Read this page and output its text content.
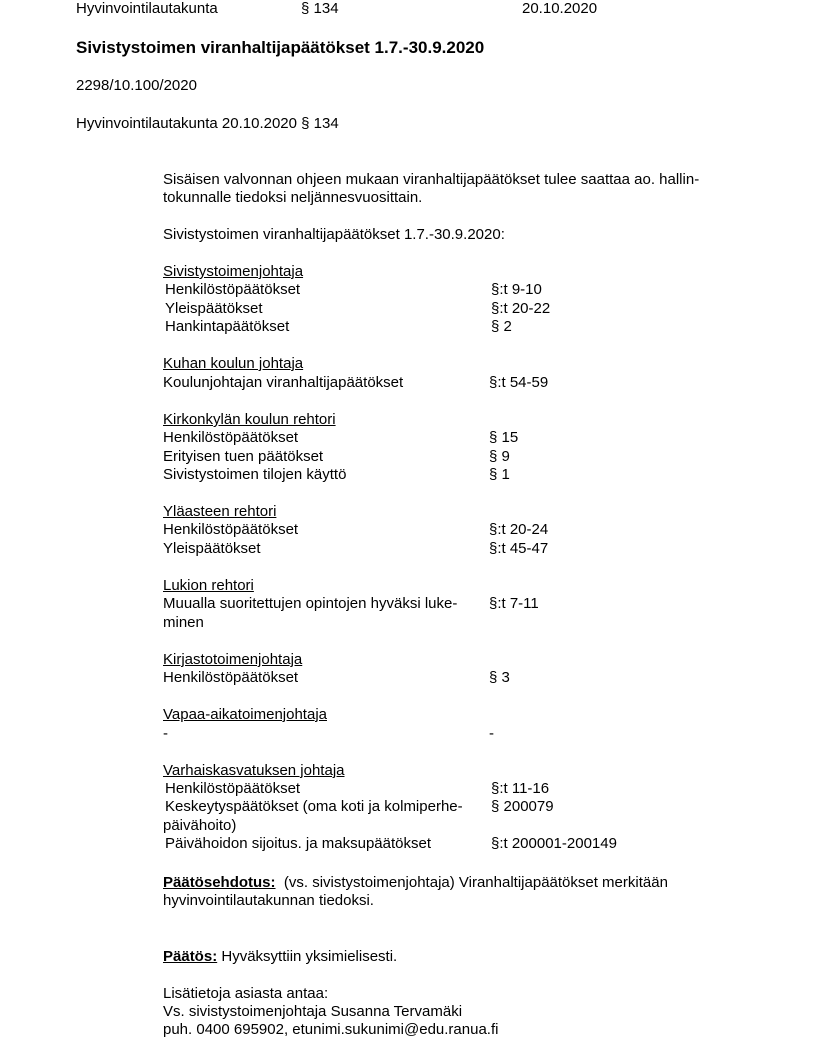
Hyvinvointilautakunta	§ 134	20.10.2020
Sivistystoimen viranhaltijapäätökset 1.7.-30.9.2020
2298/10.100/2020
Hyvinvointilautakunta 20.10.2020 § 134
Sisäisen valvonnan ohjeen mukaan viranhaltijapäätökset tulee saattaa ao. hallin-
tokunnalle tiedoksi neljännesvuosittain.
Sivistystoimen viranhaltijapäätökset 1.7.-30.9.2020:
Sivistystoimenjohtaja
Henkilöstöpäätökset	§:t 9-10
Yleispäätökset	§:t 20-22
Hankintapäätökset	§ 2
Kuhan koulun johtaja
Koulunjohtajan viranhaltijapäätökset	§:t 54-59
Kirkonkylän koulun rehtori
Henkilöstöpäätökset	§ 15
Erityisen tuen päätökset	§ 9
Sivistystoimen tilojen käyttö	§ 1
Yläasteen rehtori
Henkilöstöpäätökset	§:t 20-24
Yleispäätökset	§:t 45-47
Lukion rehtori
Muualla suoritettujen opintojen hyväksi luke-
minen
§:t 7-11
Kirjastotoimenjohtaja
Henkilöstöpäätökset	§ 3
Vapaa-aikatoimenjohtaja
-	-
Varhaiskasvatuksen johtaja
Henkilöstöpäätökset	§:t 11-16
Keskeytyspäätökset (oma koti ja kolmiperhe-
päivähoito)
§ 200079
Päivähoidon sijoitus. ja maksupäätökset	§:t 200001-200149
Päätösehdotus: (vs. sivistystoimenjohtaja) Viranhaltijapäätökset merkitään
hyvinvointilautakunnan tiedoksi.
Päätös: Hyväksyttiin yksimielisesti.
Lisätietoja asiasta antaa:
Vs. sivistystoimenjohtaja Susanna Tervamäki
puh. 0400 695902, etunimi.sukunimi@edu.ranua.fi
